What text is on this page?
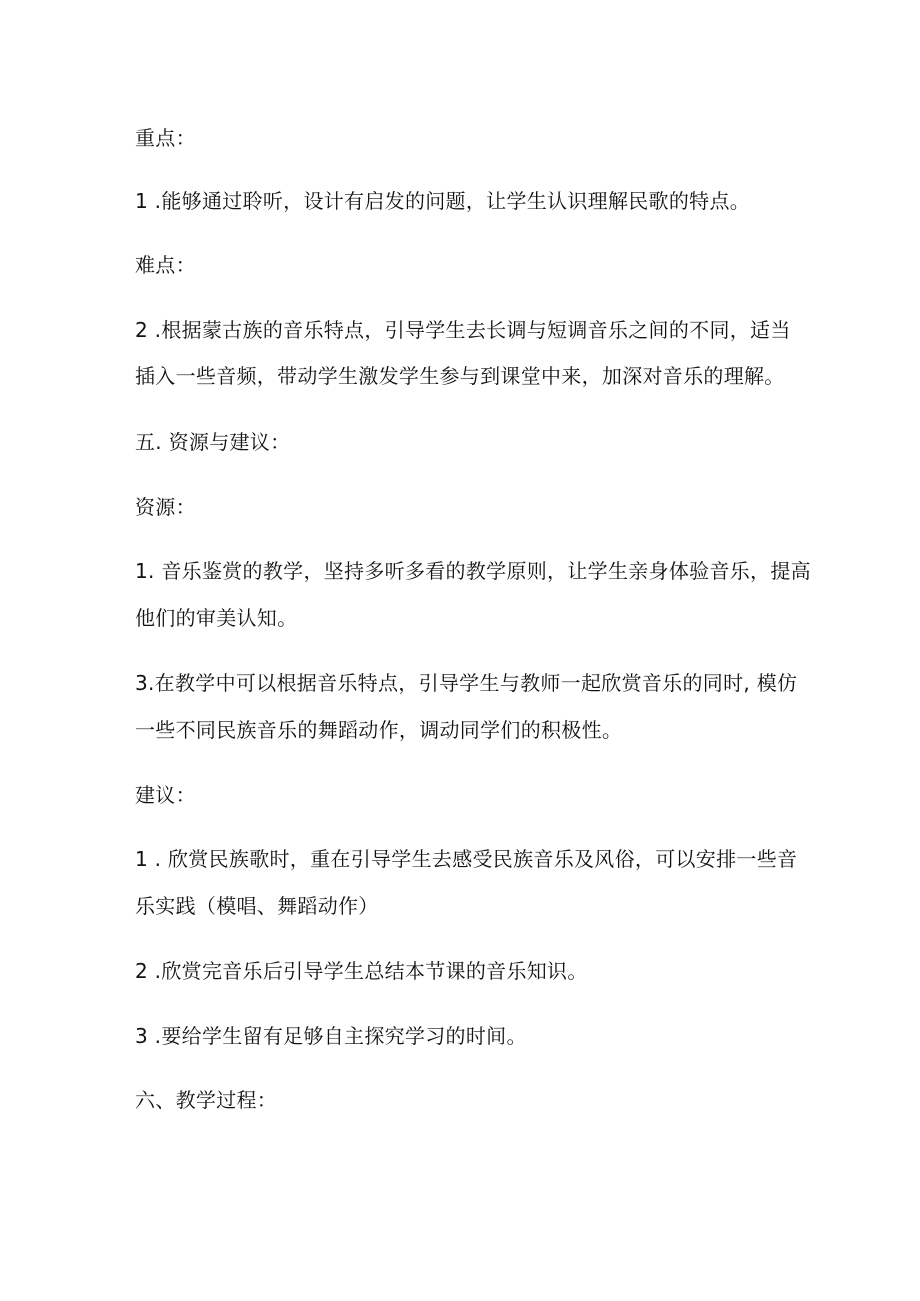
重点：
1 .能够通过聆听，设计有启发的问题，让学生认识理解民歌的特点。
难点：
2 .根据蒙古族的音乐特点，引导学生去长调与短调音乐之间的不同，适当
插入一些音频，带动学生激发学生参与到课堂中来，加深对音乐的理解。
五. 资源与建议：
资源：
1. 音乐鉴赏的教学，坚持多听多看的教学原则，让学生亲身体验音乐，提高
他们的审美认知。
3.在教学中可以根据音乐特点，引导学生与教师一起欣赏音乐的同时, 模仿
一些不同民族音乐的舞蹈动作，调动同学们的积极性。
建议：
1 . 欣赏民族歌时，重在引导学生去感受民族音乐及风俗，可以安排一些音
乐实践（模唱、舞蹈动作）
2 .欣赏完音乐后引导学生总结本节课的音乐知识。
3 .要给学生留有足够自主探究学习的时间。
六、教学过程：
